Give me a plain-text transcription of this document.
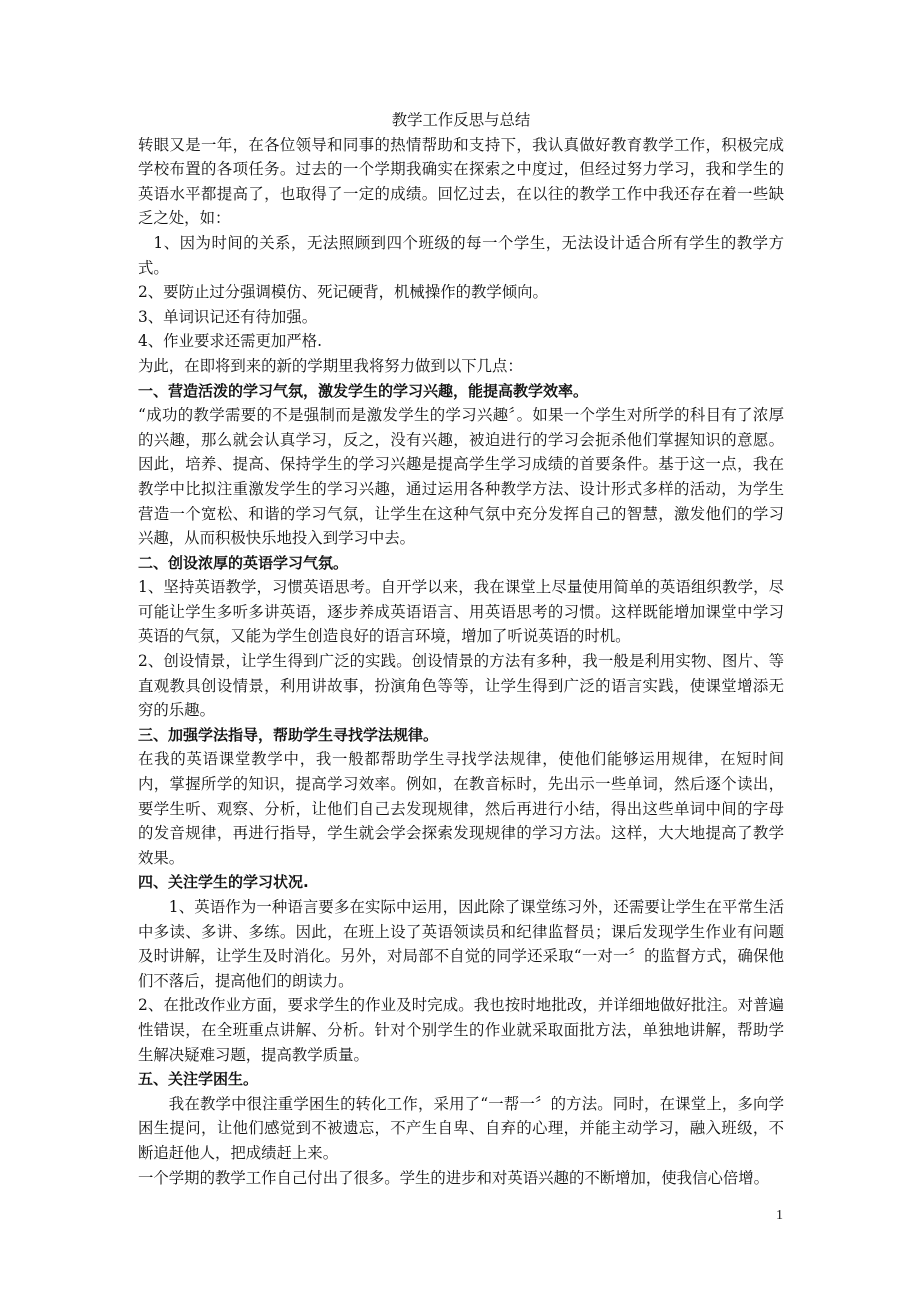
教学工作反思与总结

转眼又是一年，在各位领导和同事的热情帮助和支持下，我认真做好教育教学工作，积极完成学校布置的各项任务。过去的一个学期我确实在探索之中度过，但经过努力学习，我和学生的英语水平都提高了，也取得了一定的成绩。回忆过去，在以往的教学工作中我还存在着一些缺乏之处，如：

1、因为时间的关系，无法照顾到四个班级的每一个学生，无法设计适合所有学生的教学方式。

2、要防止过分强调模仿、死记硬背，机械操作的教学倾向。

3、单词识记还有待加强。

4、作业要求还需更加严格.

为此，在即将到来的新的学期里我将努力做到以下几点：

一、营造活泼的学习气氛，激发学生的学习兴趣，能提高教学效率。

“成功的教学需要的不是强制而是激发学生的学习兴趣〞。如果一个学生对所学的科目有了浓厚的兴趣，那么就会认真学习，反之，没有兴趣，被迫进行的学习会扼杀他们掌握知识的意愿。因此，培养、提高、保持学生的学习兴趣是提高学生学习成绩的首要条件。基于这一点，我在教学中比拟注重激发学生的学习兴趣，通过运用各种教学方法、设计形式多样的活动，为学生营造一个宽松、和谐的学习气氛，让学生在这种气氛中充分发挥自己的智慧，激发他们的学习兴趣，从而积极快乐地投入到学习中去。

二、创设浓厚的英语学习气氛。

1、坚持英语教学，习惯英语思考。自开学以来，我在课堂上尽量使用简单的英语组织教学，尽可能让学生多听多讲英语，逐步养成英语语言、用英语思考的习惯。这样既能增加课堂中学习英语的气氛，又能为学生创造良好的语言环境，增加了听说英语的时机。

2、创设情景，让学生得到广泛的实践。创设情景的方法有多种，我一般是利用实物、图片、等直观教具创设情景，利用讲故事，扮演角色等等，让学生得到广泛的语言实践，使课堂增添无穷的乐趣。

三、加强学法指导，帮助学生寻找学法规律。

在我的英语课堂教学中，我一般都帮助学生寻找学法规律，使他们能够运用规律，在短时间内，掌握所学的知识，提高学习效率。例如，在教音标时，先出示一些单词，然后逐个读出，要学生听、观察、分析，让他们自己去发现规律，然后再进行小结，得出这些单词中间的字母的发音规律，再进行指导，学生就会学会探索发现规律的学习方法。这样，大大地提高了教学效果。

四、关注学生的学习状况.

1、英语作为一种语言要多在实际中运用，因此除了课堂练习外，还需要让学生在平常生活中多读、多讲、多练。因此，在班上设了英语领读员和纪律监督员；课后发现学生作业有问题及时讲解，让学生及时消化。另外，对局部不自觉的同学还采取“一对一〞的监督方式，确保他们不落后，提高他们的朗读力。

2、在批改作业方面，要求学生的作业及时完成。我也按时地批改，并详细地做好批注。对普遍性错误，在全班重点讲解、分析。针对个别学生的作业就采取面批方法，单独地讲解，帮助学生解决疑难习题，提高教学质量。

五、关注学困生。

我在教学中很注重学困生的转化工作，采用了“一帮一〞的方法。同时，在课堂上，多向学困生提问，让他们感觉到不被遗忘，不产生自卑、自弃的心理，并能主动学习，融入班级，不断追赶他人，把成绩赶上来。

一个学期的教学工作自己付出了很多。学生的进步和对英语兴趣的不断增加，使我信心倍增。

1
